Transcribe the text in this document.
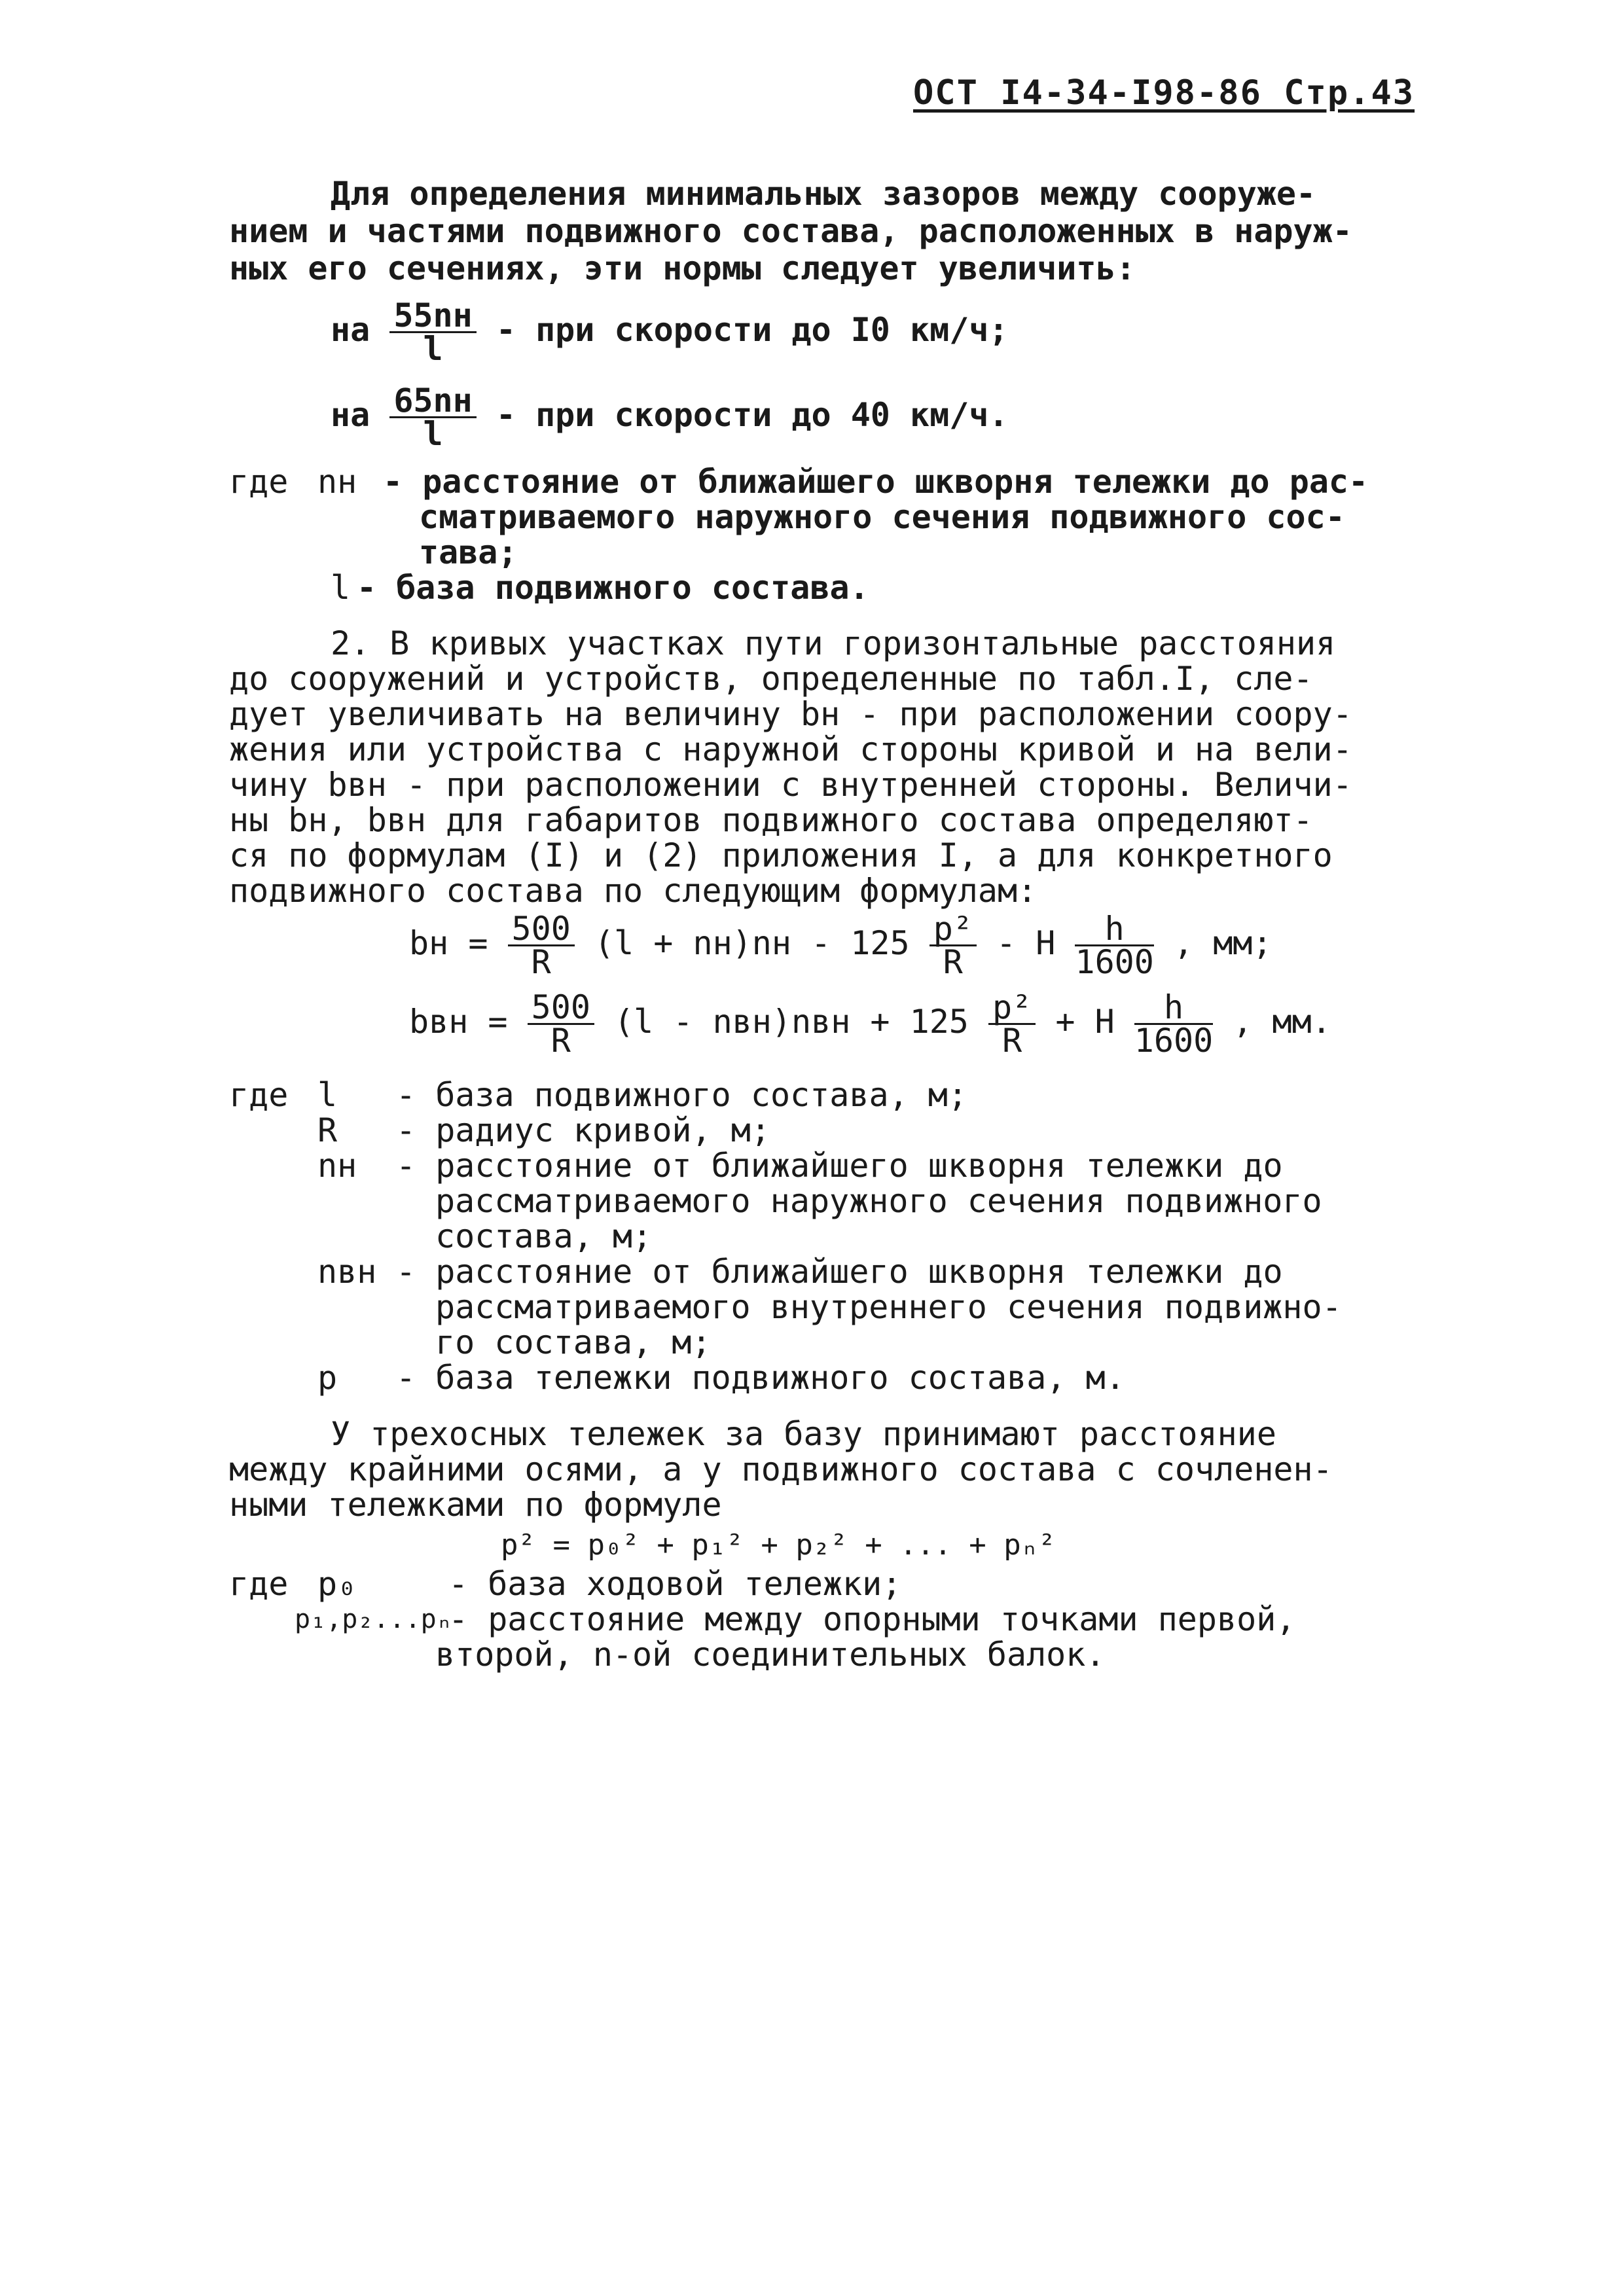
ОСТ I4-34-I98-86 Стр.43
Для определения минимальных зазоров между сооруже-
нием и частями подвижного состава, расположенных в наруж-
ных его сечениях, эти нормы следует увеличить:
на $\frac{55nн}{l}$ - при скорости до I0 км/ч;
на $\frac{65nн}{l}$ - при скорости до 40 км/ч.
где nн - расстояние от ближайшего шкворня тележки до рас-
сматриваемого наружного сечения подвижного сос-
тава;
l - база подвижного состава.
2. В кривых участках пути горизонтальные расстояния
до сооружений и устройств, определенные по табл.I, сле-
дует увеличивать на величину bн - при расположении соору-
жения или устройства с наружной стороны кривой и на вели-
чину bвн - при расположении с внутренней стороны. Величи-
ны bн, bвн для габаритов подвижного состава определяют-
ся по формулам (I) и (2) приложения I, а для конкретного
подвижного состава по следующим формулам:
bн = $\frac{500}{R} (l + nн)nн - 125 \frac{\text{p²}}{R} - H \frac{h}{1600}$ , мм;
bвн = $\frac{500}{R} (l - nвн)nвн + 125 \frac{\text{p²}}{R} + H \frac{h}{1600}$ , мм.
где l - база подвижного состава, м;
R - радиус кривой, м;
nн - расстояние от ближайшего шкворня тележки до
рассматриваемого наружного сечения подвижного
состава, м;
nвн - расстояние от ближайшего шкворня тележки до
рассматриваемого внутреннего сечения подвижно-
го состава, м;
p - база тележки подвижного состава, м.
У трехосных тележек за базу принимают расстояние
между крайними осями, а у подвижного состава с сочленен-
ными тележками по формуле
p² = p₀² + p₁² + p₂² + ... + pₙ²
где p₀	- база ходовой тележки;
p₁,p₂...pₙ
- расстояние между опорными точками первой,
второй, n-ой соединительных балок.
